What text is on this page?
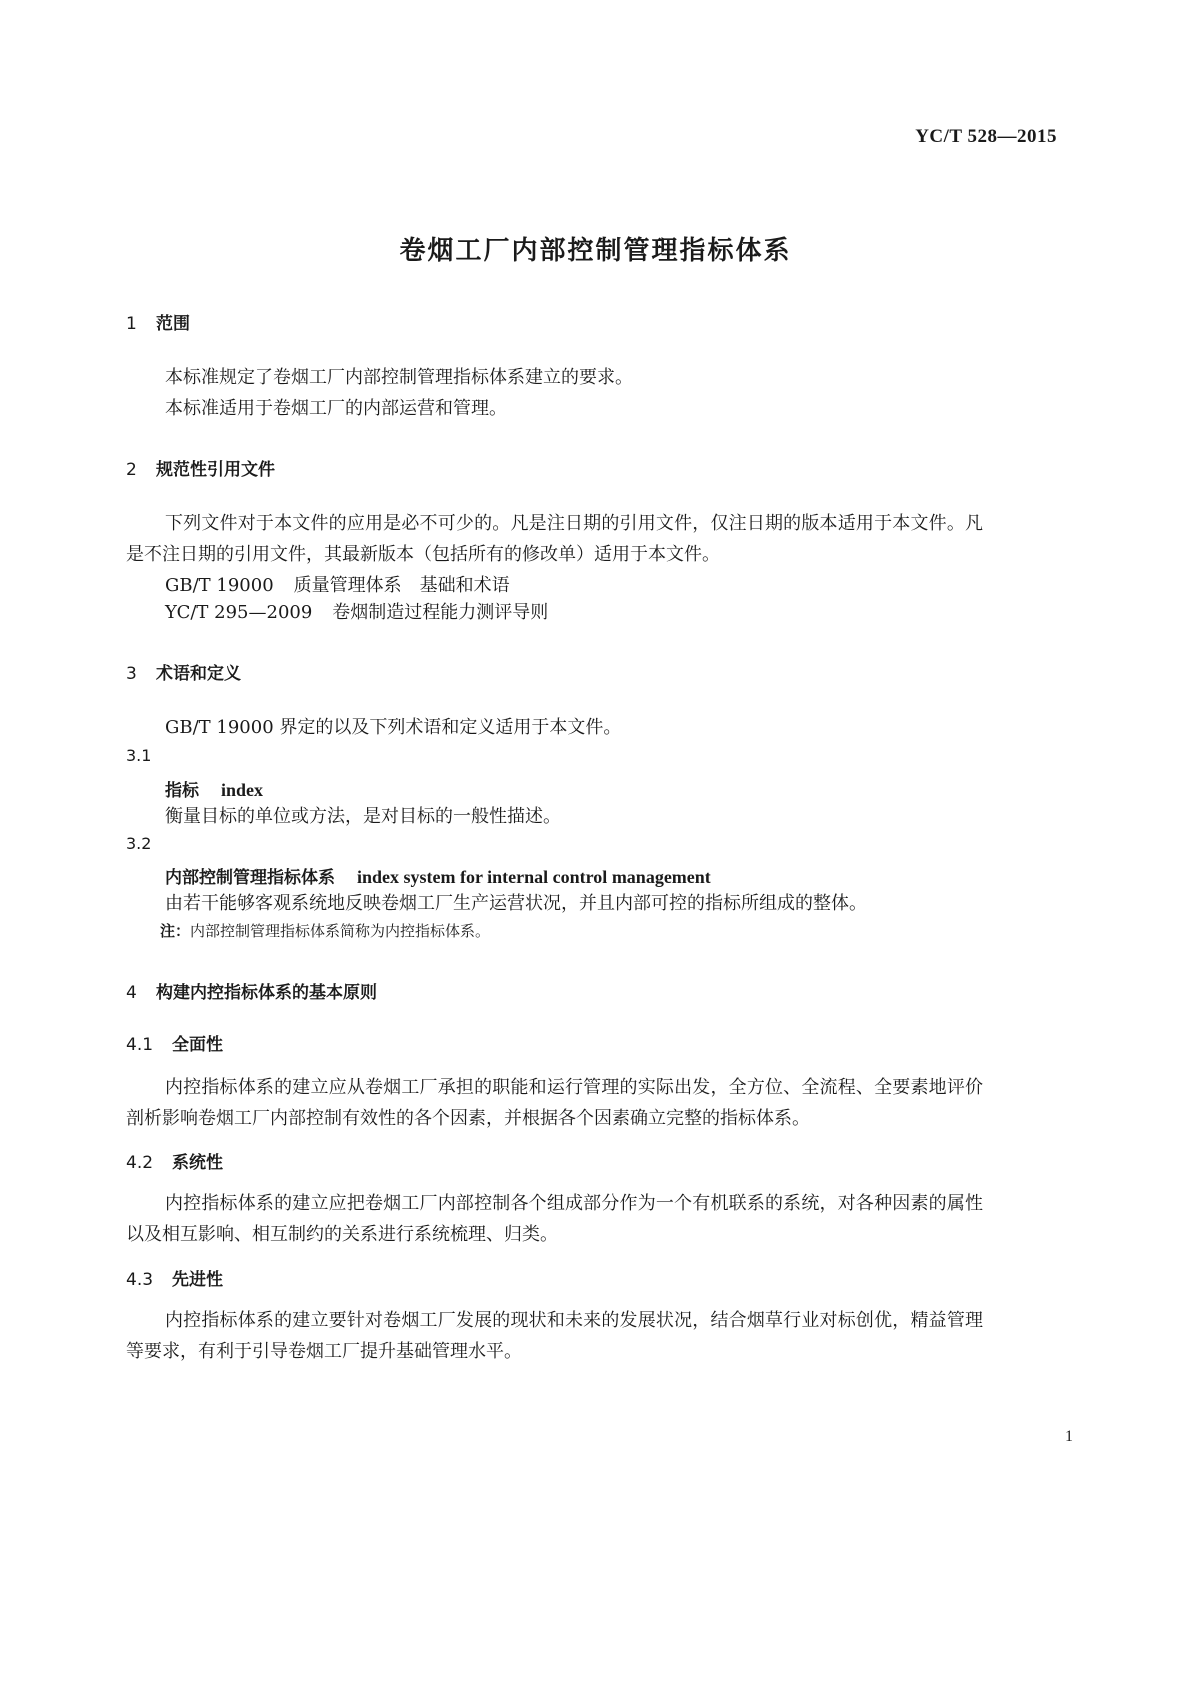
YC/T 528—2015
卷烟工厂内部控制管理指标体系
1 范围
本标准规定了卷烟工厂内部控制管理指标体系建立的要求。
本标准适用于卷烟工厂的内部运营和管理。
2 规范性引用文件
下列文件对于本文件的应用是必不可少的。凡是注日期的引用文件，仅注日期的版本适用于本文件。凡是不注日期的引用文件，其最新版本（包括所有的修改单）适用于本文件。
GB/T 19000 质量管理体系　基础和术语
YC/T 295—2009 卷烟制造过程能力测评导则
3 术语和定义
GB/T 19000 界定的以及下列术语和定义适用于本文件。
3.1
指标 index
衡量目标的单位或方法，是对目标的一般性描述。
3.2
内部控制管理指标体系 index system for internal control management
由若干能够客观系统地反映卷烟工厂生产运营状况，并且内部可控的指标所组成的整体。
注：内部控制管理指标体系简称为内控指标体系。
4 构建内控指标体系的基本原则
4.1 全面性
内控指标体系的建立应从卷烟工厂承担的职能和运行管理的实际出发，全方位、全流程、全要素地评价剖析影响卷烟工厂内部控制有效性的各个因素，并根据各个因素确立完整的指标体系。
4.2 系统性
内控指标体系的建立应把卷烟工厂内部控制各个组成部分作为一个有机联系的系统，对各种因素的属性以及相互影响、相互制约的关系进行系统梳理、归类。
4.3 先进性
内控指标体系的建立要针对卷烟工厂发展的现状和未来的发展状况，结合烟草行业对标创优，精益管理等要求，有利于引导卷烟工厂提升基础管理水平。
1
